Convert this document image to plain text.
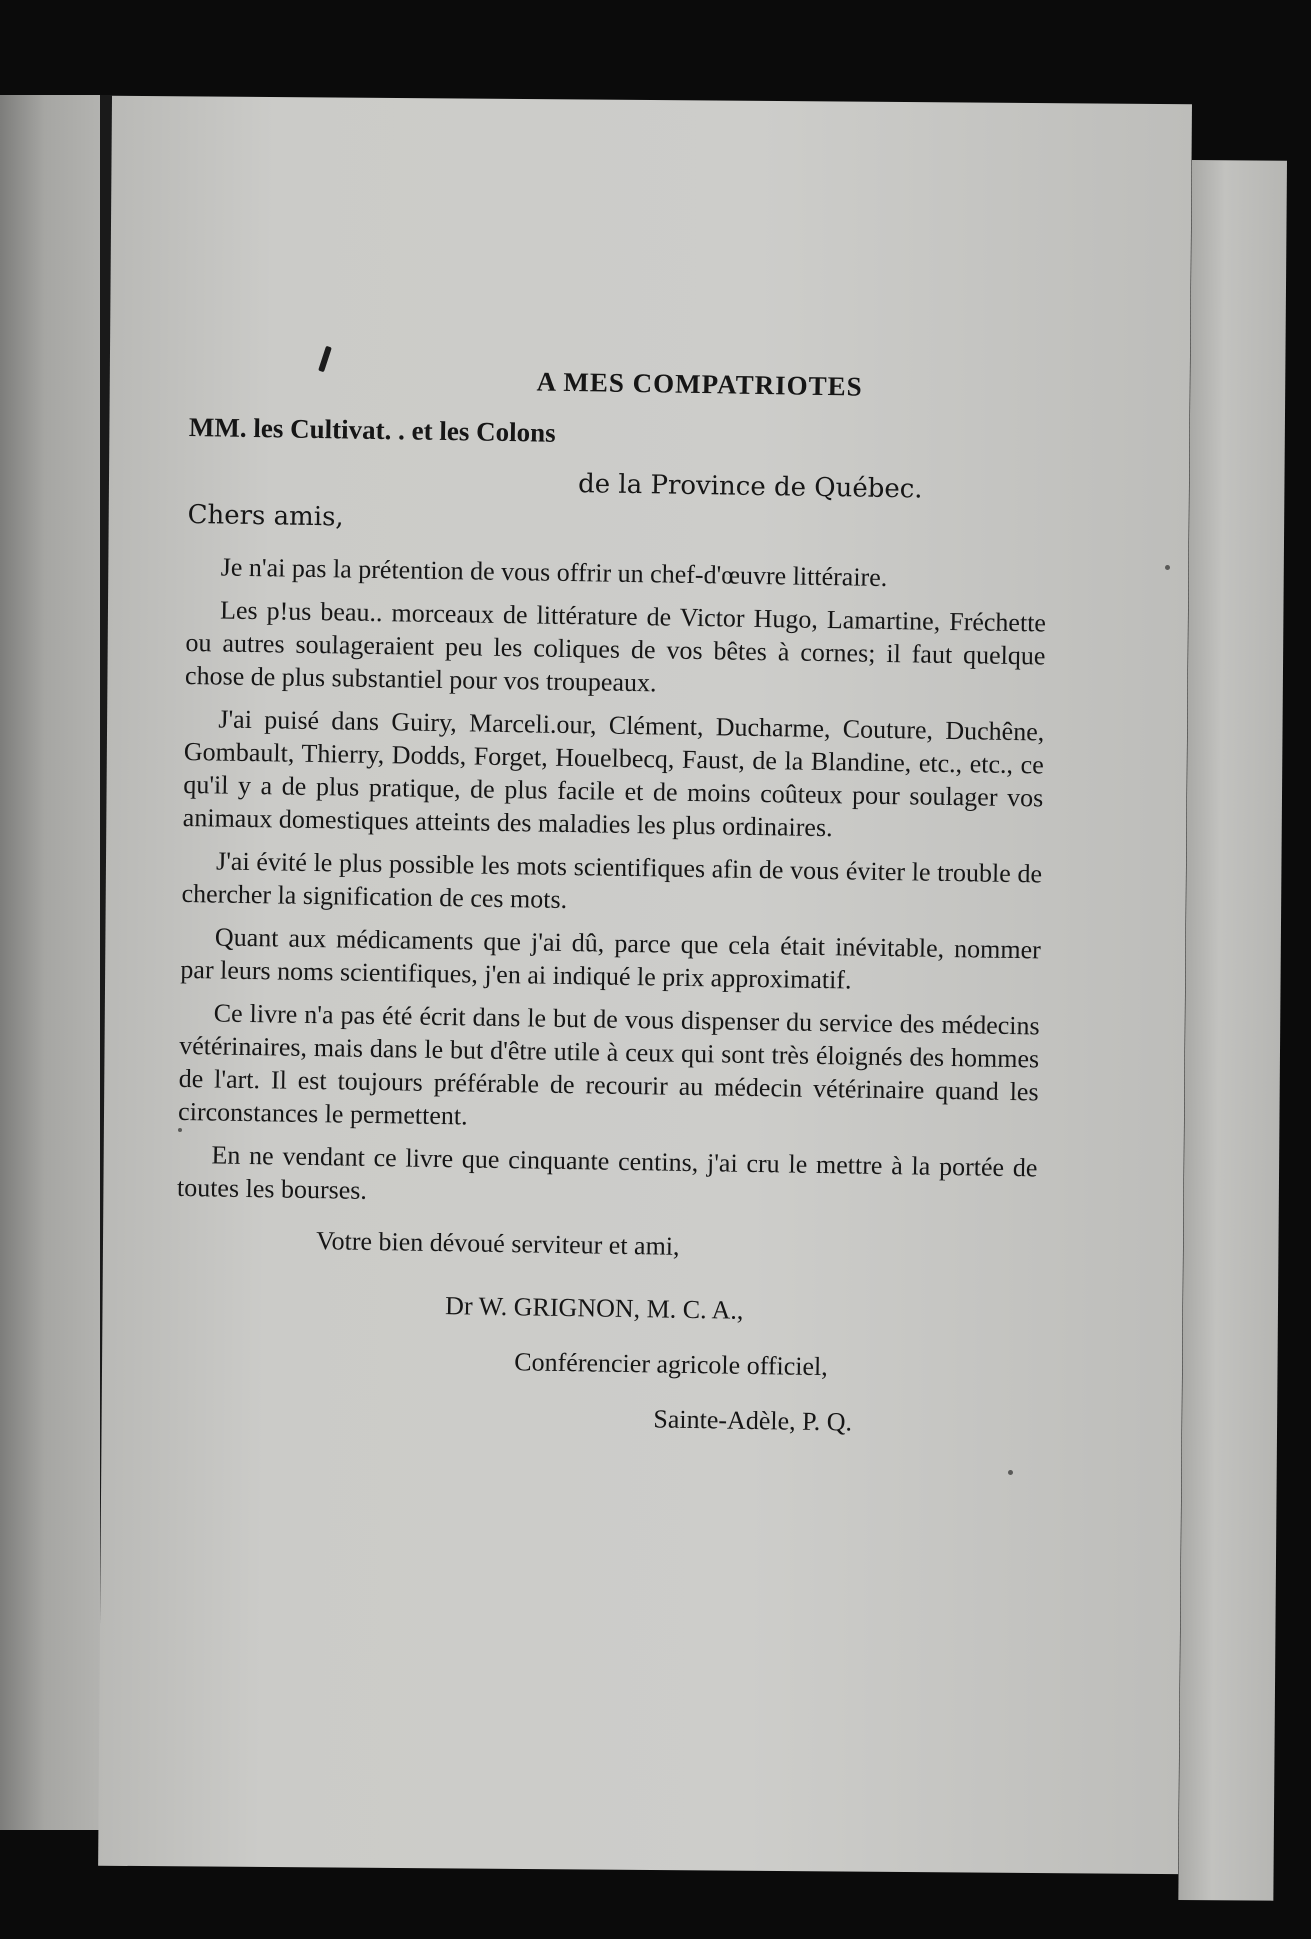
A MES COMPATRIOTES
MM. les Cultivat. . et les Colons
de la Province de Québec.
Chers amis,

Je n'ai pas la prétention de vous offrir un chef-d'œuvre littéraire.

Les p!us beau.. morceaux de littérature de Victor Hugo, Lamartine, Fréchette ou autres soulageraient peu les coliques de vos bêtes à cornes; il faut quelque chose de plus substantiel pour vos troupeaux.

J'ai puisé dans Guiry, Marceli.our, Clément, Ducharme, Couture, Duchêne, Gombault, Thierry, Dodds, Forget, Houelbecq, Faust, de la Blandine, etc., etc., ce qu'il y a de plus pratique, de plus facile et de moins coûteux pour soulager vos animaux domestiques atteints des maladies les plus ordinaires.

J'ai évité le plus possible les mots scientifiques afin de vous éviter le trouble de chercher la signification de ces mots.

Quant aux médicaments que j'ai dû, parce que cela était inévitable, nommer par leurs noms scientifiques, j'en ai indiqué le prix approximatif.

Ce livre n'a pas été écrit dans le but de vous dispenser du service des médecins vétérinaires, mais dans le but d'être utile à ceux qui sont très éloignés des hommes de l'art. Il est toujours préférable de recourir au médecin vétérinaire quand les circonstances le permettent.

En ne vendant ce livre que cinquante centins, j'ai cru le mettre à la portée de toutes les bourses.

Votre bien dévoué serviteur et ami,
Dr W. GRIGNON, M. C. A.,
Conférencier agricole officiel,
Sainte-Adèle, P. Q.
